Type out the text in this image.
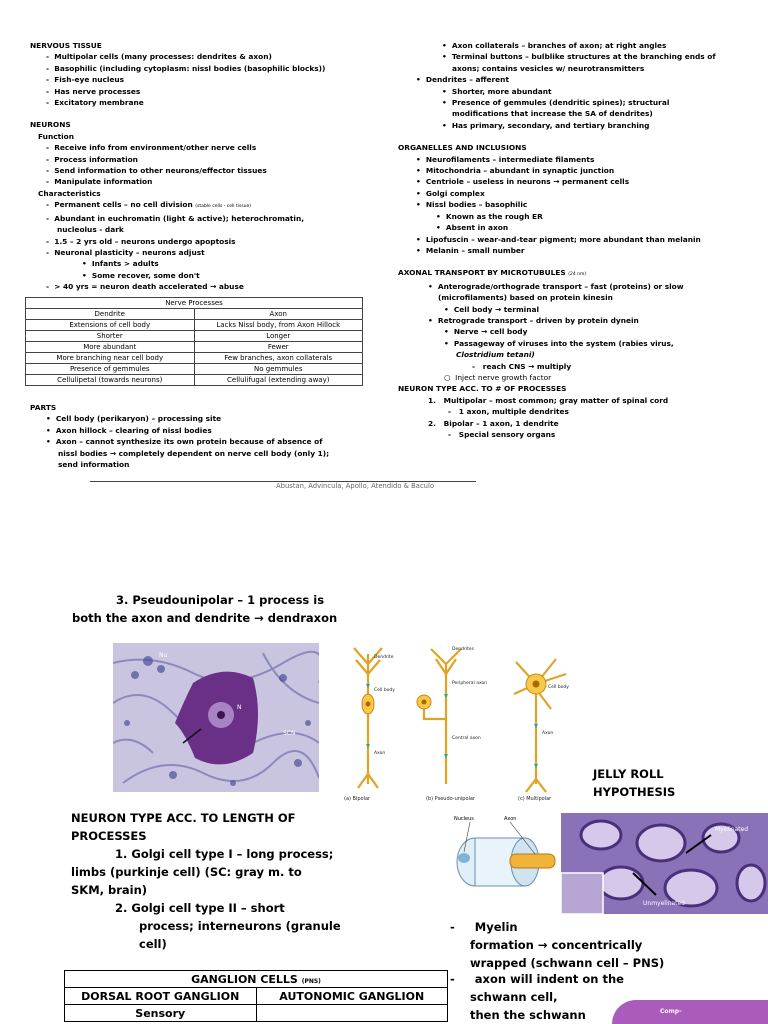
NERVOUS TISSUE
-  Multipolar cells (many processes: dendrites & axon)
-  Basophilic (including cytoplasm: nissl bodies (basophilic blocks))
-  Fish-eye nucleus
-  Has nerve processes
-  Excitatory membrane
NEURONS
Function
-  Receive info from environment/other nerve cells
-  Process information
-  Send information to other neurons/effector tissues
-  Manipulate information
Characteristics
-  Permanent cells – no cell division (stable cells - cell tissue)
-  Abundant in euchromatin (light & active); heterochromatin,
nucleolus - dark
-  1.5 – 2 yrs old – neurons undergo apoptosis
-  Neuronal plasticity – neurons adjust
•  Infants > adults
•  Some recover, some don't
-  > 40 yrs = neuron death accelerated → abuse
Nerve Processes	
Dendrite	Axon
Extensions of cell body	Lacks Nissl body, from Axon Hillock
Shorter	Longer
More abundant	Fewer
More branching near cell body	Few branches, axon collaterals
Presence of gemmules	No gemmules
Cellulipetal (towards neurons)	Cellulifugal (extending away)
PARTS
•  Cell body (perikaryon) – processing site
•  Axon hillock – clearing of nissl bodies
•  Axon – cannot synthesize its own protein because of absence of
nissl bodies → completely dependent on nerve cell body (only 1);
send information
•  Axon collaterals – branches of axon; at right angles
•  Terminal buttons – bulblike structures at the branching ends of
axons; contains vesicles w/ neurotransmitters
•  Dendrites – afferent
•  Shorter, more abundant
•  Presence of gemmules (dendritic spines); structural
modifications that increase the SA of dendrites)
•  Has primary, secondary, and tertiary branching
ORGANELLES AND INCLUSIONS
•  Neurofilaments – intermediate filaments
•  Mitochondria – abundant in synaptic junction
•  Centriole – useless in neurons → permanent cells
•  Golgi complex
•  Nissl bodies – basophilic
•  Known as the rough ER
•  Absent in axon
•  Lipofuscin – wear-and-tear pigment; more abundant than melanin
•  Melanin – small number
AXONAL TRANSPORT BY MICROTUBULES (24 nm)
•  Anterograde/orthograde transport – fast (proteins) or slow
(microfilaments) based on protein kinesin
•  Cell body → terminal
•  Retrograde transport – driven by protein dynein
•  Nerve → cell body
•  Passageway of viruses into the system (rabies virus,
Clostridium tetani)
-   reach CNS → multiply
○  Inject nerve growth factor
NEURON TYPE ACC. TO # OF PROCESSES
1.   Multipolar – most common; gray matter of spinal cord
-   1 axon, multiple dendrites
2.   Bipolar – 1 axon, 1 dendrite
-   Special sensory organs
Abustan, Advincula, Apollo, Atendido & Baculo
3. Pseudounipolar – 1 process is
both the axon and dendrite → dendraxon
Nu
SCN
N
Dendrite
Cell body
Axon
Dendrites
Peripheral axon
Central axon
Cell body
Axon
(a) Bipolar	(b) Pseudo-unipolar	(c) Multipolar
JELLY ROLL
HYPOTHESIS
NEURON TYPE ACC. TO LENGTH OF
PROCESSES
1. Golgi cell type I – long process;
limbs (purkinje cell) (SC: gray m. to
SKM, brain)
2. Golgi cell type II – short
process; interneurons (granule
cell)
Nucleus	Axon
Myelinated
Unmyelinated
-     Myelin
formation → concentrically
wrapped (schwann cell – PNS)
GANGLION CELLS (PNS)	
DORSAL ROOT GANGLION	AUTONOMIC GANGLION
Sensory	
-     axon will indent on the
schwann cell,
then the schwann	Comp-
